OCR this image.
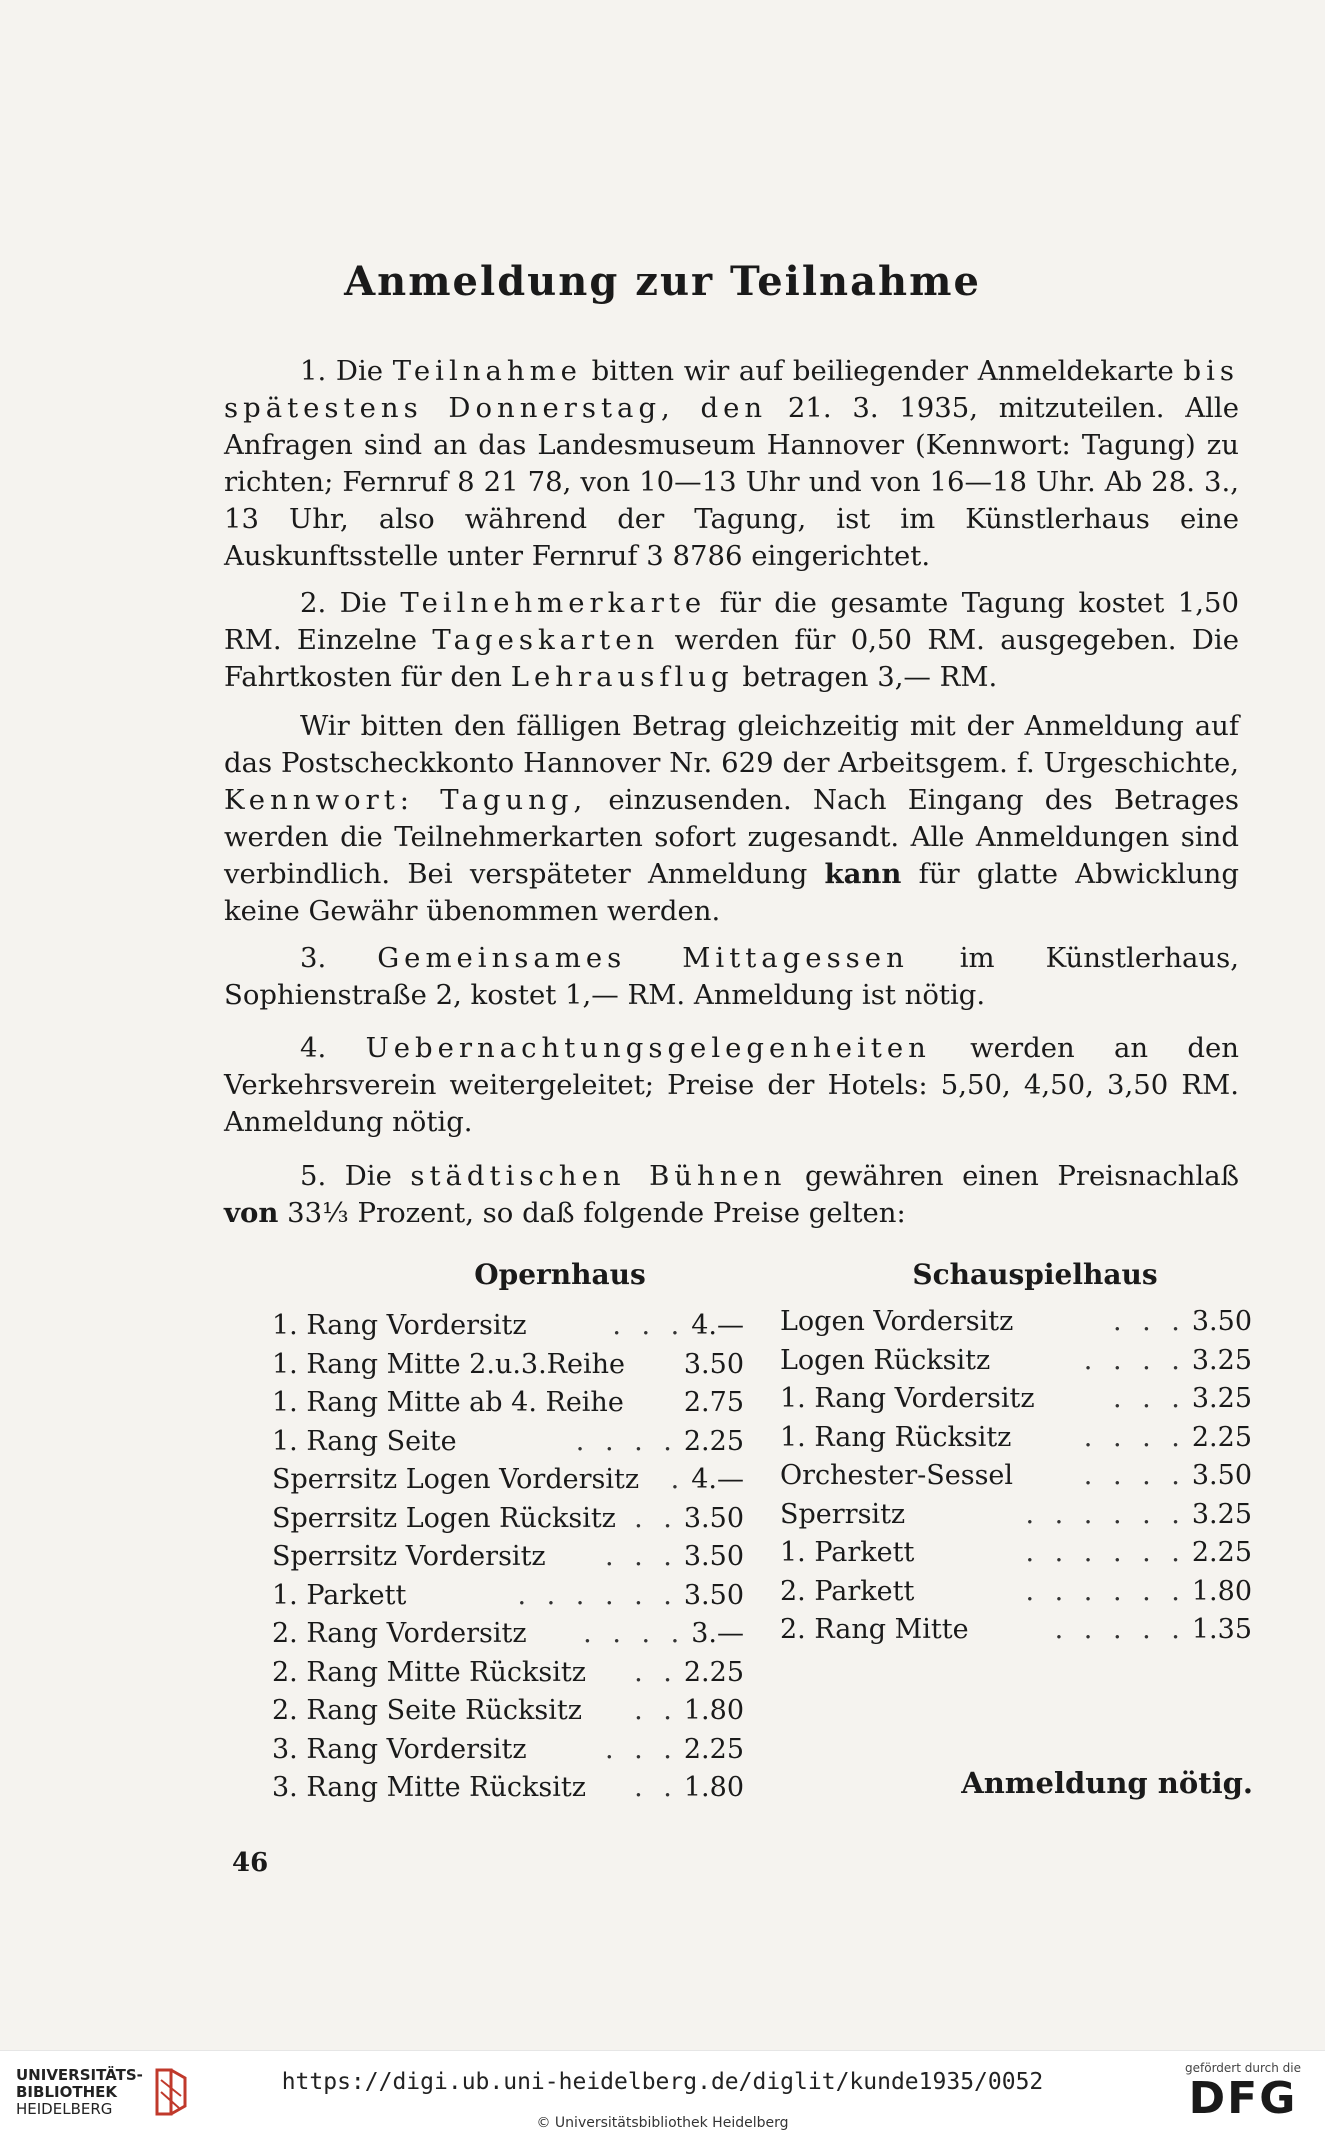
Anmeldung zur Teilnahme
1. Die Teilnahme bitten wir auf beiliegender Anmeldekarte bis spätestens Donnerstag, den 21. 3. 1935, mitzuteilen. Alle Anfragen sind an das Landesmuseum Hannover (Kennwort: Tagung) zu richten; Fernruf 8 21 78, von 10—13 Uhr und von 16—18 Uhr. Ab 28. 3., 13 Uhr, also während der Tagung, ist im Künstlerhaus eine Auskunftsstelle unter Fernruf 3 8786 eingerichtet.
2. Die Teilnehmerkarte für die gesamte Tagung kostet 1,50 RM. Einzelne Tageskarten werden für 0,50 RM. ausgegeben. Die Fahrtkosten für den Lehrausflug betragen 3,— RM.
Wir bitten den fälligen Betrag gleichzeitig mit der Anmeldung auf das Postscheckkonto Hannover Nr. 629 der Arbeitsgem. f. Urgeschichte, Kennwort: Tagung, einzusenden. Nach Eingang des Betrages werden die Teilnehmerkarten sofort zugesandt. Alle Anmeldungen sind verbindlich. Bei verspäteter Anmeldung kann für glatte Abwicklung keine Gewähr übenommen werden.
3. Gemeinsames Mittagessen im Künstlerhaus, Sophienstraße 2, kostet 1,— RM. Anmeldung ist nötig.
4. Uebernachtungsgelegenheiten werden an den Verkehrsverein weitergeleitet; Preise der Hotels: 5,50, 4,50, 3,50 RM. Anmeldung nötig.
5. Die städtischen Bühnen gewähren einen Preisnachlaß von 33⅓ Prozent, so daß folgende Preise gelten:
Opernhaus	Schauspielhaus
1. Rang Vordersitz	. . . 4.—
1. Rang Mitte 2.u.3.Reihe 3.50
1. Rang Mitte ab 4. Reihe 2.75
1. Rang Seite	. . . . 2.25
Sperrsitz Logen Vordersitz	. 4.—
Sperrsitz Logen Rücksitz . . 3.50
Sperrsitz Vordersitz	. . . 3.50
1. Parkett	. . . . . . 3.50
2. Rang Vordersitz	. . . . 3.—
2. Rang Mitte Rücksitz	. . 2.25
2. Rang Seite Rücksitz	. . 1.80
3. Rang Vordersitz	. . . 2.25
3. Rang Mitte Rücksitz	. . 1.80
Logen Vordersitz	. . . 3.50
Logen Rücksitz	. . . . 3.25
1. Rang Vordersitz	. . . 3.25
1. Rang Rücksitz	. . . . 2.25
Orchester-Sessel	. . . . 3.50
Sperrsitz	. . . . . . 3.25
1. Parkett	. . . . . . 2.25
2. Parkett	. . . . . . 1.80
2. Rang Mitte	. . . . . 1.35
Anmeldung nötig.
46
UNIVERSITÄTS-
BIBLIOTHEK
HEIDELBERG
https://digi.ub.uni-heidelberg.de/diglit/kunde1935/0052
© Universitätsbibliothek Heidelberg
gefördert durch die
DFG
